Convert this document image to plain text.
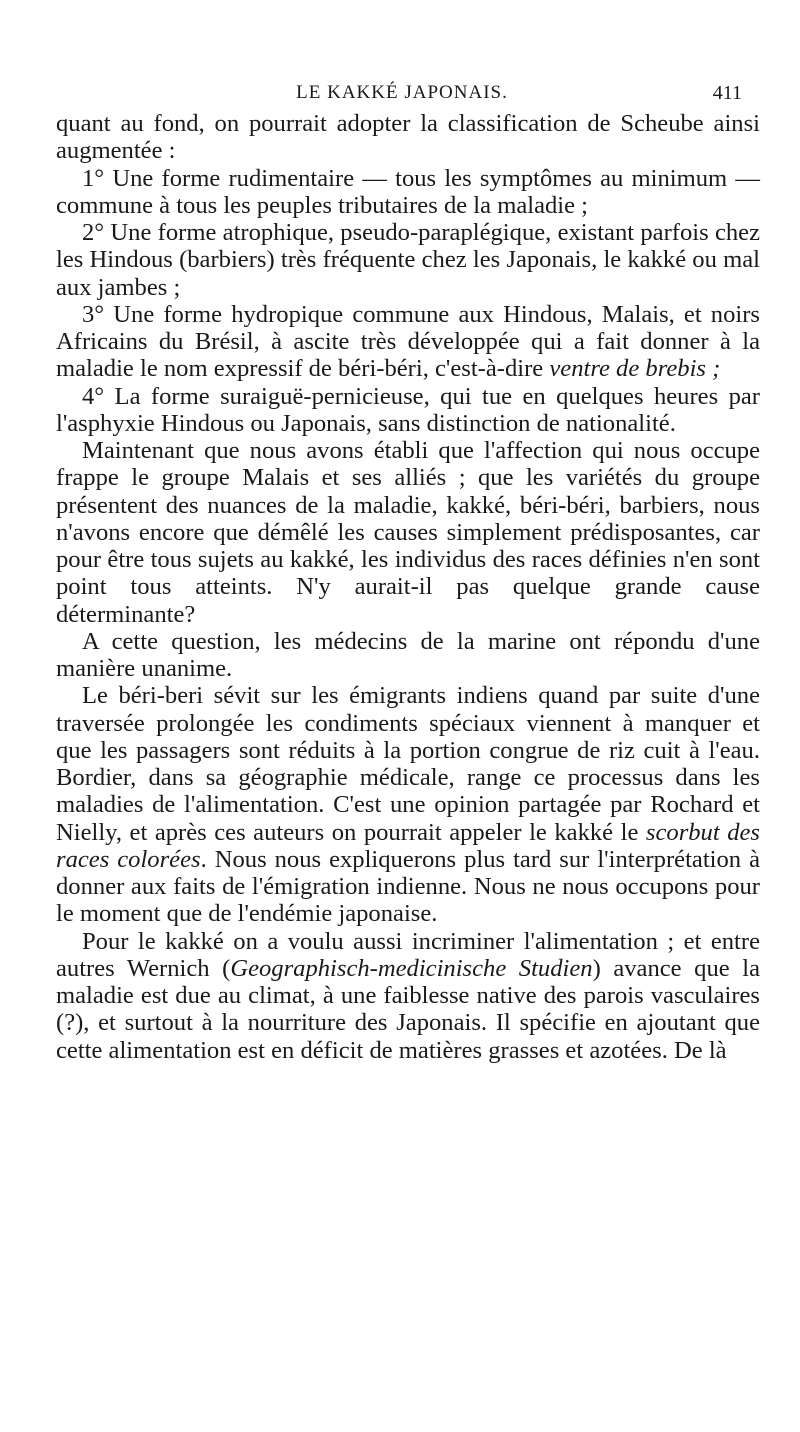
LE KAKKÉ JAPONAIS.	411

quant au fond, on pourrait adopter la classification de Scheube ainsi augmentée :

1° Une forme rudimentaire — tous les symptômes au minimum — commune à tous les peuples tributaires de la maladie ;

2° Une forme atrophique, pseudo-paraplégique, existant parfois chez les Hindous (barbiers) très fréquente chez les Japonais, le kakké ou mal aux jambes ;

3° Une forme hydropique commune aux Hindous, Malais, et noirs Africains du Brésil, à ascite très développée qui a fait donner à la maladie le nom expressif de béri-béri, c'est-à-dire ventre de brebis ;

4° La forme suraiguë-pernicieuse, qui tue en quelques heures par l'asphyxie Hindous ou Japonais, sans distinction de nationalité.

Maintenant que nous avons établi que l'affection qui nous occupe frappe le groupe Malais et ses alliés ; que les variétés du groupe présentent des nuances de la maladie, kakké, béri-béri, barbiers, nous n'avons encore que démêlé les causes simplement prédisposantes, car pour être tous sujets au kakké, les individus des races définies n'en sont point tous atteints. N'y aurait-il pas quelque grande cause déterminante?

A cette question, les médecins de la marine ont répondu d'une manière unanime.

Le béri-beri sévit sur les émigrants indiens quand par suite d'une traversée prolongée les condiments spéciaux viennent à manquer et que les passagers sont réduits à la portion congrue de riz cuit à l'eau. Bordier, dans sa géographie médicale, range ce processus dans les maladies de l'alimentation. C'est une opinion partagée par Rochard et Nielly, et après ces auteurs on pourrait appeler le kakké le scorbut des races colorées. Nous nous expliquerons plus tard sur l'interprétation à donner aux faits de l'émigration indienne. Nous ne nous occupons pour le moment que de l'endémie japonaise.

Pour le kakké on a voulu aussi incriminer l'alimentation ; et entre autres Wernich (Geographisch-medicinische Studien) avance que la maladie est due au climat, à une faiblesse native des parois vasculaires (?), et surtout à la nourriture des Japonais. Il spécifie en ajoutant que cette alimentation est en déficit de matières grasses et azotées. De là
